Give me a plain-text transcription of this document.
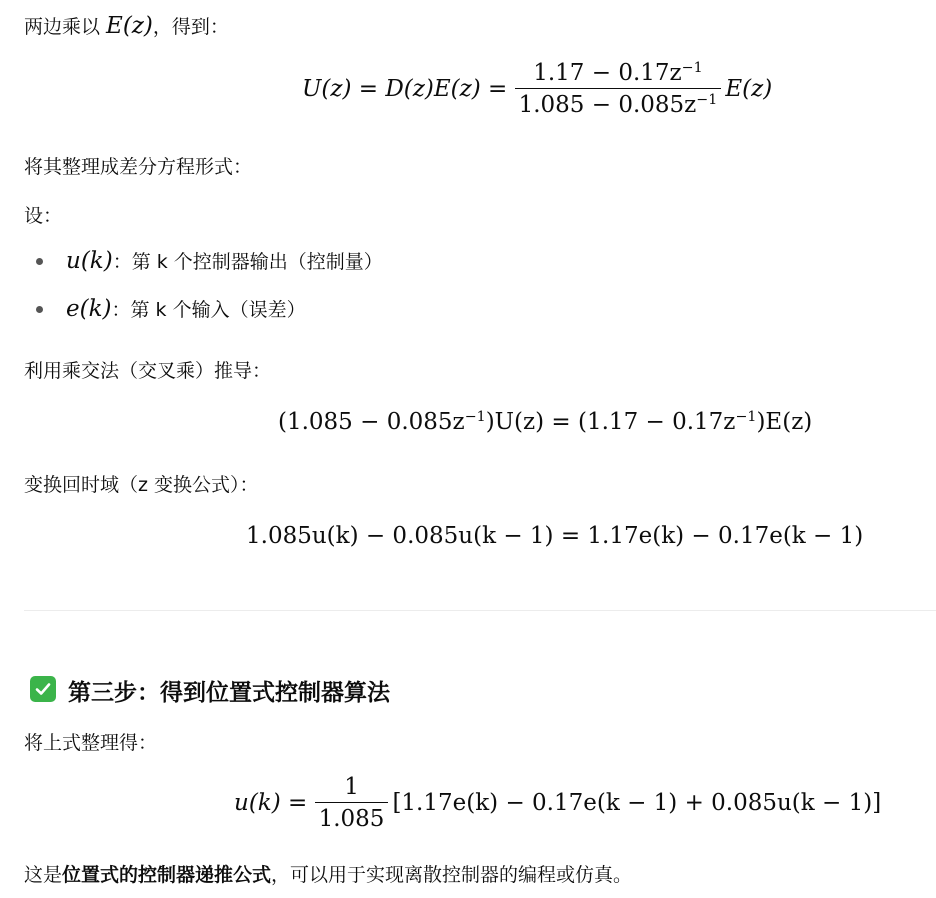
两边乘以 E(z)，得到：
$U(z) = D(z)E(z) = \frac{1.17 - 0.17z^{-1}}{1.085 - 0.085z^{-1}} E(z)$
将其整理成差分方程形式：
设：
u(k)：第 k 个控制器输出（控制量）
e(k)：第 k 个输入（误差）
利用乘交法（交叉乘）推导：
$(1.085 - 0.085z^{-1})U(z) = (1.17 - 0.17z^{-1})E(z)$
变换回时域（z 变换公式）：
1.085u(k) − 0.085u(k − 1) = 1.17e(k) − 0.17e(k − 1)
第三步：得到位置式控制器算法
将上式整理得：
$u(k) = \frac{1}{1.085} [1.17e(k) - 0.17e(k - 1) + 0.085u(k - 1)]$
这是位置式的控制器递推公式，可以用于实现离散控制器的编程或仿真。
